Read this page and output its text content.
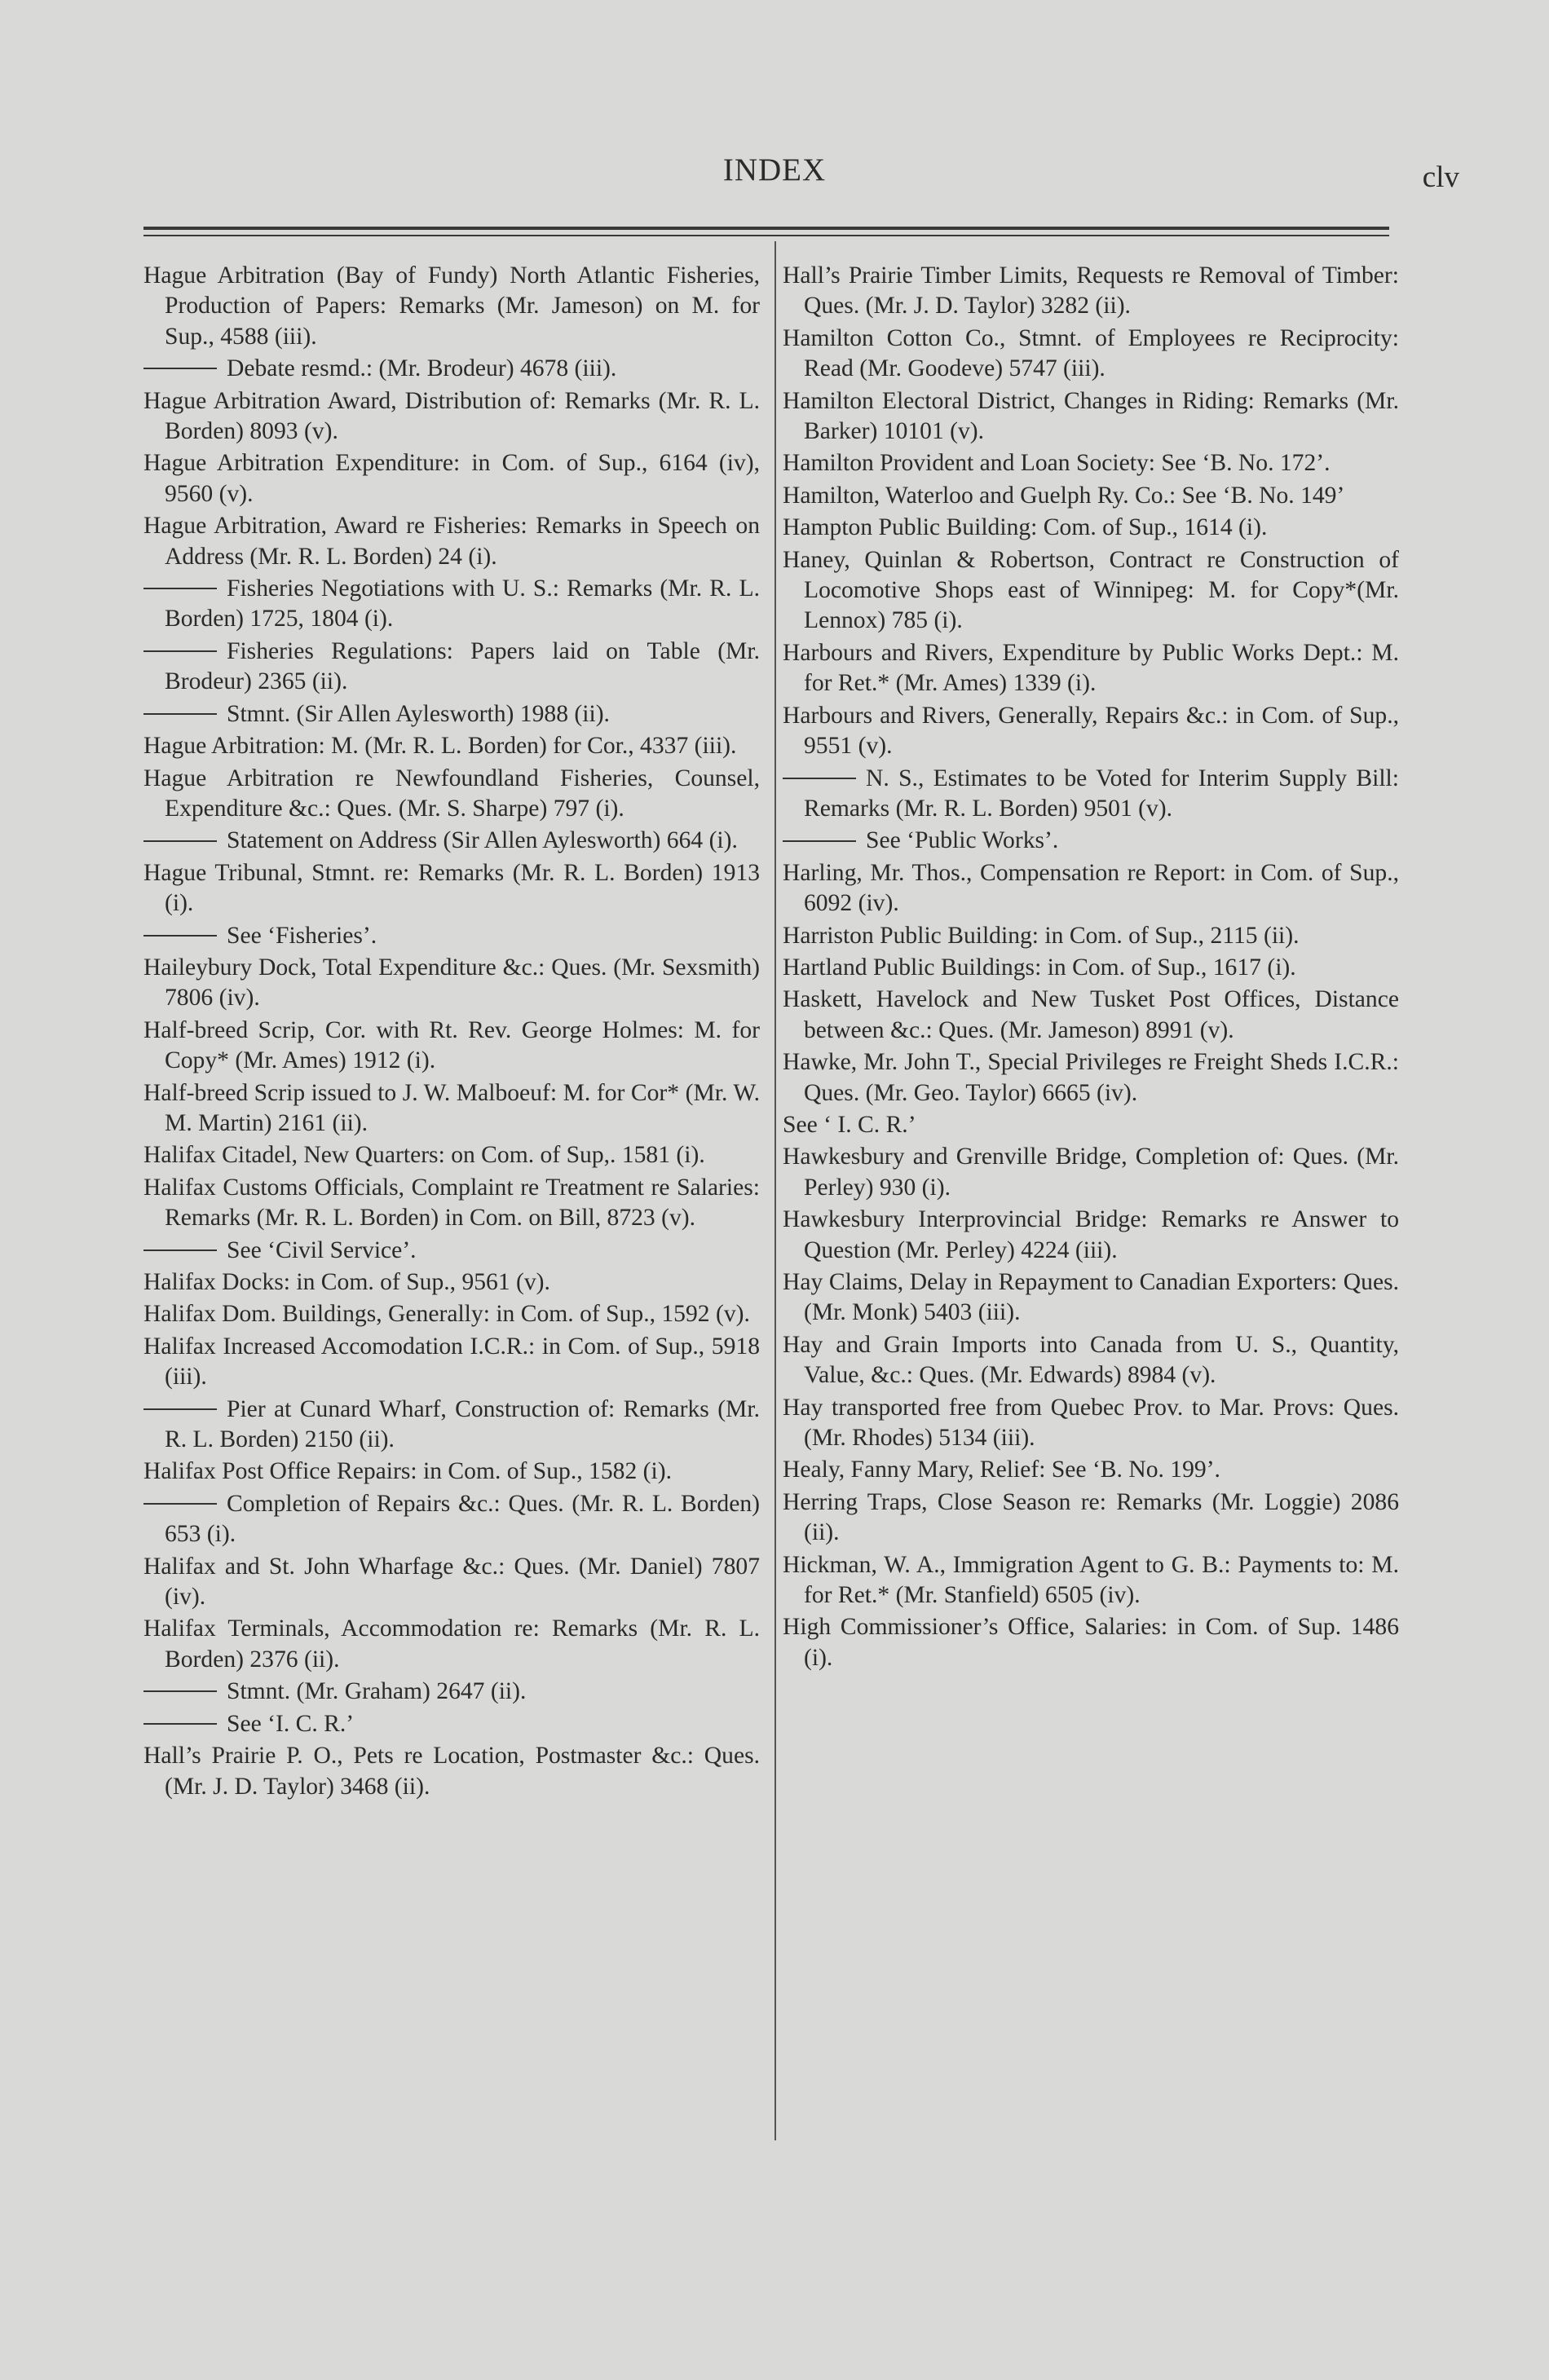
INDEX	clv
Hague Arbitration (Bay of Fundy) North Atlantic Fisheries, Production of Papers: Remarks (Mr. Jameson) on M. for Sup., 4588 (iii).
Debate resmd.: (Mr. Brodeur) 4678 (iii).
Hague Arbitration Award, Distribution of: Remarks (Mr. R. L. Borden) 8093 (v).
Hague Arbitration Expenditure: in Com. of Sup., 6164 (iv), 9560 (v).
Hague Arbitration, Award re Fisheries: Remarks in Speech on Address (Mr. R. L. Borden) 24 (i).
Fisheries Negotiations with U. S.: Remarks (Mr. R. L. Borden) 1725, 1804 (i).
Fisheries Regulations: Papers laid on Table (Mr. Brodeur) 2365 (ii).
Stmnt. (Sir Allen Aylesworth) 1988 (ii).
Hague Arbitration: M. (Mr. R. L. Borden) for Cor., 4337 (iii).
Hague Arbitration re Newfoundland Fisheries, Counsel, Expenditure &c.: Ques. (Mr. S. Sharpe) 797 (i).
Statement on Address (Sir Allen Aylesworth) 664 (i).
Hague Tribunal, Stmnt. re: Remarks (Mr. R. L. Borden) 1913 (i).
See ‘Fisheries’.
Haileybury Dock, Total Expenditure &c.: Ques. (Mr. Sexsmith) 7806 (iv).
Half-breed Scrip, Cor. with Rt. Rev. George Holmes: M. for Copy* (Mr. Ames) 1912 (i).
Half-breed Scrip issued to J. W. Malboeuf: M. for Cor* (Mr. W. M. Martin) 2161 (ii).
Halifax Citadel, New Quarters: on Com. of Sup,. 1581 (i).
Halifax Customs Officials, Complaint re Treatment re Salaries: Remarks (Mr. R. L. Borden) in Com. on Bill, 8723 (v).
See ‘Civil Service’.
Halifax Docks: in Com. of Sup., 9561 (v).
Halifax Dom. Buildings, Generally: in Com. of Sup., 1592 (v).
Halifax Increased Accomodation I.C.R.: in Com. of Sup., 5918 (iii).
Pier at Cunard Wharf, Construction of: Remarks (Mr. R. L. Borden) 2150 (ii).
Halifax Post Office Repairs: in Com. of Sup., 1582 (i).
Completion of Repairs &c.: Ques. (Mr. R. L. Borden) 653 (i).
Halifax and St. John Wharfage &c.: Ques. (Mr. Daniel) 7807 (iv).
Halifax Terminals, Accommodation re: Remarks (Mr. R. L. Borden) 2376 (ii).
Stmnt. (Mr. Graham) 2647 (ii).
See ‘I. C. R.’
Hall’s Prairie P. O., Pets re Location, Postmaster &c.: Ques. (Mr. J. D. Taylor) 3468 (ii).
Hall’s Prairie Timber Limits, Requests re Removal of Timber: Ques. (Mr. J. D. Taylor) 3282 (ii).
Hamilton Cotton Co., Stmnt. of Employees re Reciprocity: Read (Mr. Goodeve) 5747 (iii).
Hamilton Electoral District, Changes in Riding: Remarks (Mr. Barker) 10101 (v).
Hamilton Provident and Loan Society: See ‘B. No. 172’.
Hamilton, Waterloo and Guelph Ry. Co.: See ‘B. No. 149’
Hampton Public Building: Com. of Sup., 1614 (i).
Haney, Quinlan & Robertson, Contract re Construction of Locomotive Shops east of Winnipeg: M. for Copy*(Mr. Lennox) 785 (i).
Harbours and Rivers, Expenditure by Public Works Dept.: M. for Ret.* (Mr. Ames) 1339 (i).
Harbours and Rivers, Generally, Repairs &c.: in Com. of Sup., 9551 (v).
N. S., Estimates to be Voted for Interim Supply Bill: Remarks (Mr. R. L. Borden) 9501 (v).
See ‘Public Works’.
Harling, Mr. Thos., Compensation re Report: in Com. of Sup., 6092 (iv).
Harriston Public Building: in Com. of Sup., 2115 (ii).
Hartland Public Buildings: in Com. of Sup., 1617 (i).
Haskett, Havelock and New Tusket Post Offices, Distance between &c.: Ques. (Mr. Jameson) 8991 (v).
Hawke, Mr. John T., Special Privileges re Freight Sheds I.C.R.: Ques. (Mr. Geo. Taylor) 6665 (iv).
See ‘ I. C. R.’
Hawkesbury and Grenville Bridge, Completion of: Ques. (Mr. Perley) 930 (i).
Hawkesbury Interprovincial Bridge: Remarks re Answer to Question (Mr. Perley) 4224 (iii).
Hay Claims, Delay in Repayment to Canadian Exporters: Ques. (Mr. Monk) 5403 (iii).
Hay and Grain Imports into Canada from U. S., Quantity, Value, &c.: Ques. (Mr. Edwards) 8984 (v).
Hay transported free from Quebec Prov. to Mar. Provs: Ques. (Mr. Rhodes) 5134 (iii).
Healy, Fanny Mary, Relief: See ‘B. No. 199’.
Herring Traps, Close Season re: Remarks (Mr. Loggie) 2086 (ii).
Hickman, W. A., Immigration Agent to G. B.: Payments to: M. for Ret.* (Mr. Stanfield) 6505 (iv).
High Commissioner’s Office, Salaries: in Com. of Sup. 1486 (i).
